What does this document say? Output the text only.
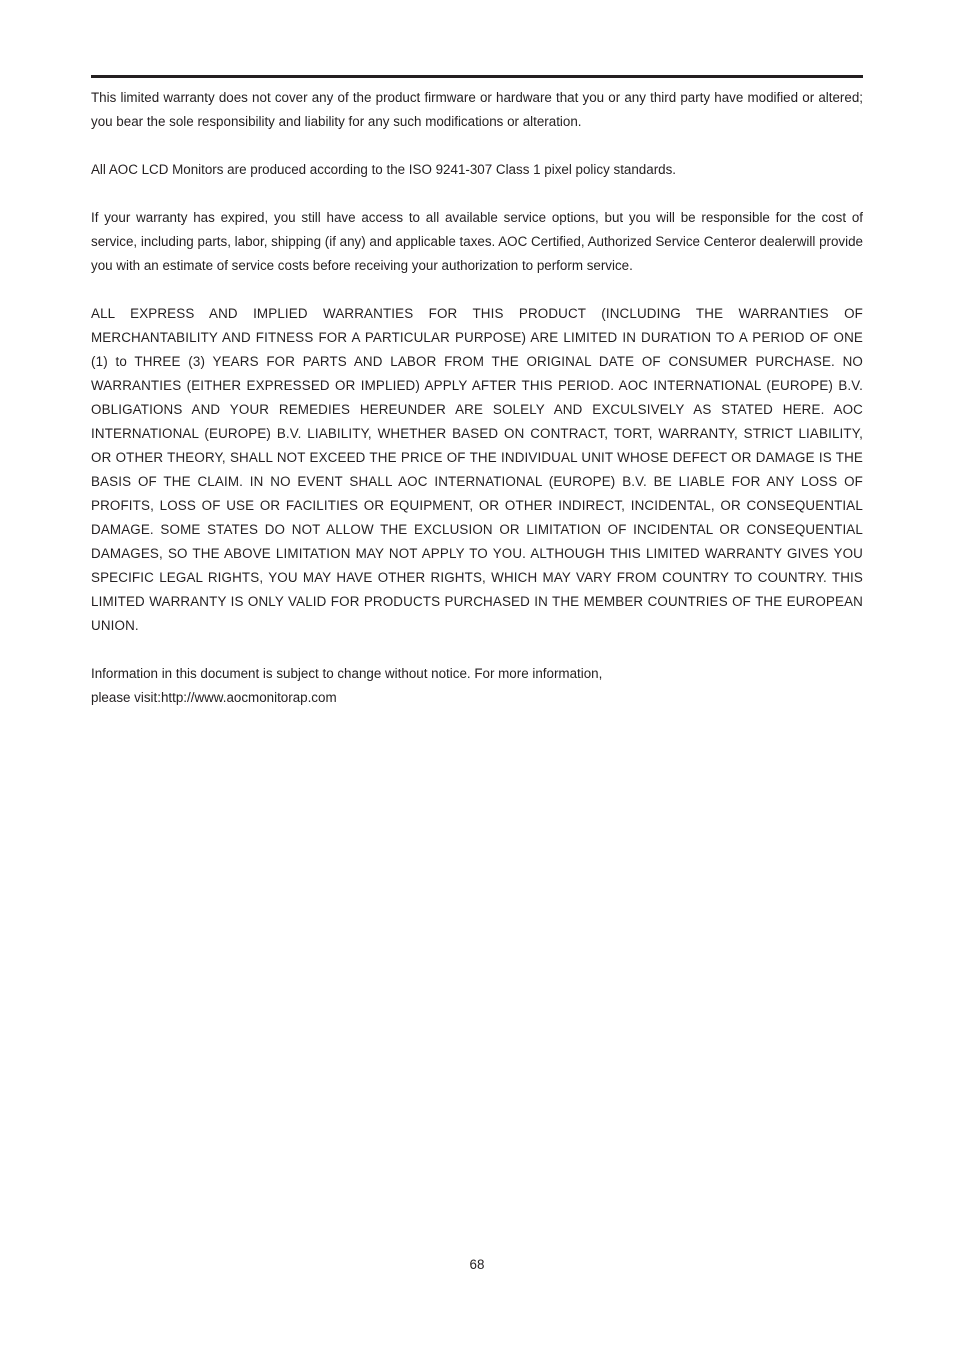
This limited warranty does not cover any of the product firmware or hardware that you or any third party have modified or altered; you bear the sole responsibility and liability for any such modifications or alteration.

All AOC LCD Monitors are produced according to the ISO 9241-307 Class 1 pixel policy standards.

If your warranty has expired, you still have access to all available service options, but you will be responsible for the cost of service, including parts, labor, shipping (if any) and applicable taxes. AOC Certified, Authorized Service Centeror dealerwill provide you with an estimate of service costs before receiving your authorization to perform service.

ALL EXPRESS AND IMPLIED WARRANTIES FOR THIS PRODUCT (INCLUDING THE WARRANTIES OF MERCHANTABILITY AND FITNESS FOR A PARTICULAR PURPOSE) ARE LIMITED IN DURATION TO A PERIOD OF ONE (1) to THREE (3) YEARS FOR PARTS AND LABOR FROM THE ORIGINAL DATE OF CONSUMER PURCHASE. NO WARRANTIES (EITHER EXPRESSED OR IMPLIED) APPLY AFTER THIS PERIOD. AOC INTERNATIONAL (EUROPE) B.V. OBLIGATIONS AND YOUR REMEDIES HEREUNDER ARE SOLELY AND EXCULSIVELY AS STATED HERE. AOC INTERNATIONAL (EUROPE) B.V. LIABILITY, WHETHER BASED ON CONTRACT, TORT, WARRANTY, STRICT LIABILITY, OR OTHER THEORY, SHALL NOT EXCEED THE PRICE OF THE INDIVIDUAL UNIT WHOSE DEFECT OR DAMAGE IS THE BASIS OF THE CLAIM. IN NO EVENT SHALL AOC INTERNATIONAL (EUROPE) B.V. BE LIABLE FOR ANY LOSS OF PROFITS, LOSS OF USE OR FACILITIES OR EQUIPMENT, OR OTHER INDIRECT, INCIDENTAL, OR CONSEQUENTIAL DAMAGE. SOME STATES DO NOT ALLOW THE EXCLUSION OR LIMITATION OF INCIDENTAL OR CONSEQUENTIAL DAMAGES, SO THE ABOVE LIMITATION MAY NOT APPLY TO YOU. ALTHOUGH THIS LIMITED WARRANTY GIVES YOU SPECIFIC LEGAL RIGHTS, YOU MAY HAVE OTHER RIGHTS, WHICH MAY VARY FROM COUNTRY TO COUNTRY. THIS LIMITED WARRANTY IS ONLY VALID FOR PRODUCTS PURCHASED IN THE MEMBER COUNTRIES OF THE EUROPEAN UNION.

Information in this document is subject to change without notice. For more information,
please visit:http://www.aocmonitorap.com

68
